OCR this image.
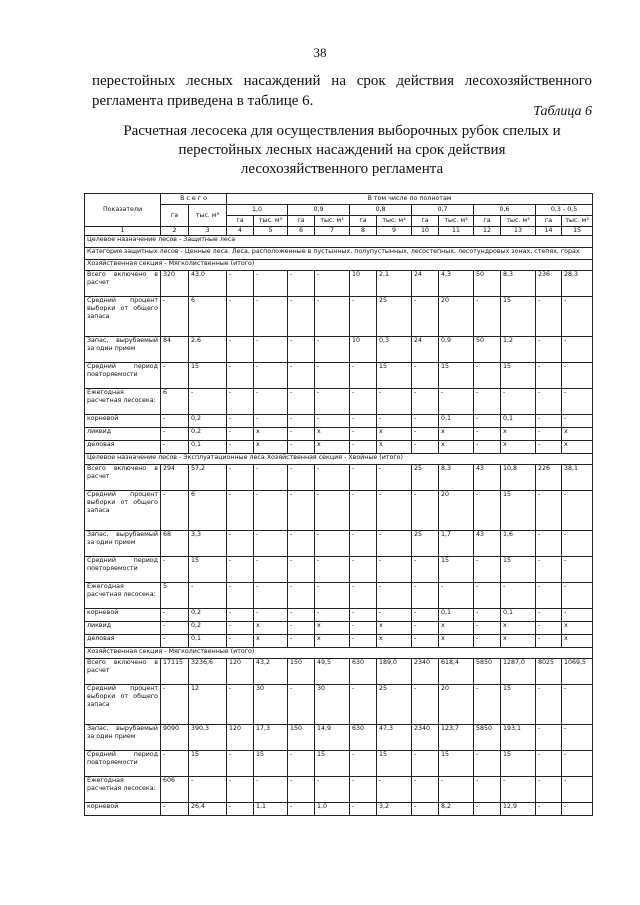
38
перестойных лесных насаждений на срок действия лесохозяйственного
регламента приведена в таблице 6.
Таблица 6
Расчетная лесосека для осуществления выборочных рубок спелых и
перестойных лесных насаждений на срок действия
лесохозяйственного регламента
Показатели	В с е г о		В том числе по полнотам											
	га	тыс. м³	1,0		0,9		0,8		0,7		0,6		0,3 - 0,5	
			га	тыс. м³	га	тыс. м³	га	тыс. м³	га	тыс. м³	га	тыс. м³	га	тыс. м³
1	2	3	4	5	6	7	8	9	10	11	12	13	14	15
Целевое назначение лесов - Защитные леса														
Категория защитных лесов - Ценные леса. Леса, расположенные в пустынных, полупустынных, лесостепных, лесотундровых зонах, степях, горах														
Хозяйственная секция - Мягколиственные (итого)														
Всего включено в расчет	320	43,0	-	-	-	-	10	2,1	24	4,3	50	8,3	236	28,3
Средний процент выборки от общего запаса	-	6	-	-	-	-	-	25	-	20	-	15	-	-
Запас, вырубаемый за один прием	84	2,6	-	-	-	-	10	0,3	24	0,9	50	1,2	-	-
Средний период повторяемости	-	15	-	-	-	-	-	15	-	15	-	15	-	-
Ежегодная расчетная лесосека:	6	-	-	-	-	-	-	-	-	-	-	-	-	-
корневой	-	0,2	-	-	-	-	-	-	-	0,1	-	0,1	-	-
ликвид	-	0,2	-	х	-	х	-	х	-	х	-	х	-	х
деловая	-	0,1	-	х	-	х	-	х	-	х	-	х	-	х
Целевое назначение лесов - Эксплуатационные леса Хозяйственная секция - Хвойные (итого)														
Всего включено в расчет	294	57,2	-	-	-	-	-	-	25	8,3	43	10,8	226	38,1
Средний процент выборки от общего запаса	-	6	-	-	-	-	-	-	-	20	-	15	-	-
Запас, вырубаемый за один прием	68	3,3	-	-	-	-	-	-	25	1,7	43	1,6	-	-
Средний период повторяемости	-	15	-	-	-	-	-	-	-	15	-	15	-	-
Ежегодная расчетная лесосека:	5	-	-	-	-	-	-	-	-	-	-	-	-	-
корневой	-	0,2	-	-	-	-	-	-	-	0,1	-	0,1	-	-
ликвид	-	0,2	-	х	-	х	-	х	-	х	-	х	-	х
деловая	-	0,1	-	х	-	х	-	х	-	х	-	х	-	х
Хозяйственная секция - Мягколиственные (итого)														
Всего включено в расчет	17115	3236,6	120	43,2	150	49,5	630	189,0	2340	618,4	5850	1287,0	8025	1069,5
Средний процент выборки от общего запаса	-	12	-	30	-	30	-	25	-	20	-	15	-	-
Запас, вырубаемый за один прием	9090	390,3	120	17,3	150	14,9	630	47,3	2340	123,7	5850	193,1	-	-
Средний период повторяемости	-	15	-	15	-	15	-	15	-	15	-	15	-	-
Ежегодная расчетная лесосека:	606	-	-	-	-	-	-	-	-	-	-	-	-	-
корневой	-	26,4	-	1,1	-	1,0	-	3,2	-	8,2	-	12,9	-	-
